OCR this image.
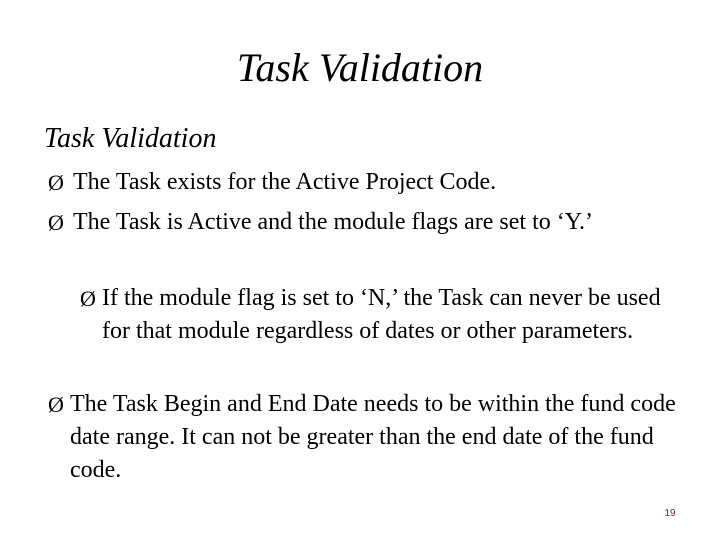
Task Validation
Task Validation
Ø The Task exists for the Active Project Code.
Ø The Task is Active and the module flags are set to ‘Y.’
Ø If the module flag is set to ‘N,’ the Task can never be used for that module regardless of dates or other parameters.
Ø The Task Begin and End Date needs to be within the fund code date range. It can not be greater than the end date of the fund code.
19
